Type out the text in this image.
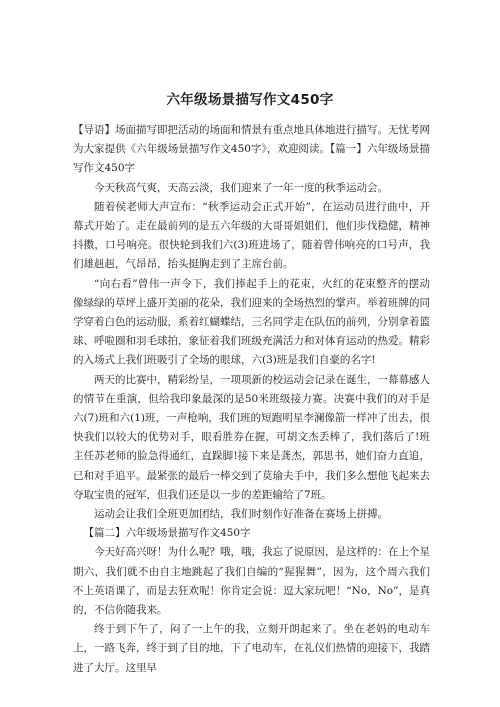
六年级场景描写作文450字

【导语】场面描写即把活动的场面和情景有重点地具体地进行描写。无忧考网为大家提供《六年级场景描写作文450字》，欢迎阅读。【篇一】六年级场景描写作文450字

今天秋高气爽，天高云淡，我们迎来了一年一度的秋季运动会。

随着侯老师大声宣布：“秋季运动会正式开始”，在运动员进行曲中，开幕式开始了。走在最前列的是五六年级的大哥哥姐姐们，他们步伐稳健，精神抖擞，口号响亮。很快轮到我们六(3)班进场了，随着曾伟响亮的口号声，我们雄赳赳，气昂昂，抬头挺胸走到了主席台前。

“向右看”曾伟一声令下，我们捧起手上的花束，火红的花束整齐的摆动像绿绿的草坪上盛开美丽的花朵，我们迎来的全场热烈的掌声。举着班牌的同学穿着白色的运动服，系着红蝴蝶结，三名同学走在队伍的前列，分别拿着篮球、呼啦圈和羽毛球拍，象征着我们班级充满活力和对体育运动的热爱。精彩的入场式上我们班吸引了全场的眼球，六(3)班是我们自豪的名字!

两天的比赛中，精彩纷呈，一项项新的校运动会记录在诞生，一幕幕感人的情节在重演，但给我印象最深的是50米班级接力赛。决赛中我们的对手是六(7)班和六(1)班，一声枪响，我们班的短跑明星李澜像箭一样冲了出去，很快我们以较大的优势对手，眼看胜券在握，可胡文杰丢棒了，我们落后了!班主任苏老师的脸急得通红，直跺脚!接下来是龚杰，郭思书，她们奋力直追，已和对手追平。最紧张的最后一棒交到了莫瑜夫手中，我们多么想他飞起来去夺取宝贵的冠军，但我们还是以一步的差距输给了7班。

运动会让我们全班更加团结，我们时刻作好准备在赛场上拼搏。

【篇二】六年级场景描写作文450字

今天好高兴呀！为什么呢？哦，哦，我忘了说原因，是这样的：在上个星期六，我们就不由自主地跳起了我们自编的“猩猩舞”，因为，这个周六我们不上英语课了，而是去狂欢呢！你肯定会说：逗大家玩吧！“No，No”，是真的，不信你随我来。

终于到下午了，闷了一上午的我，立刻开朗起来了。坐在老妈的电动车上，一路飞奔，终于到了目的地，下了电动车，在礼仪们热情的迎接下，我踏进了大厅。这里早
